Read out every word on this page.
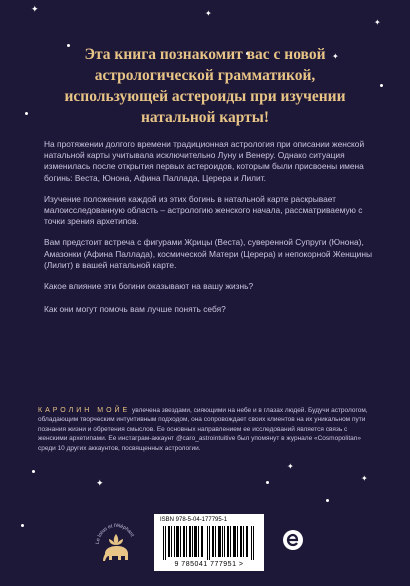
✦	✦
✦
✦
✦
✦
✦
Эта книга познакомит вас с новой
астрологической грамматикой,
использующей астероиды при изучении
натальной карты!

На протяжении долгого времени традиционная астрология при описании женской натальной карты учитывала исключительно Луну и Венеру. Однако ситуация изменилась после открытия первых астероидов, которым были присвоены имена богинь: Веста, Юнона, Афина Паллада, Церера и Лилит.

Изучение положения каждой из этих богинь в натальной карте раскрывает малоисследованную область – астрологию женского начала, рассматриваемую с точки зрения архетипов.

Вам предстоит встреча с фигурами Жрицы (Веста), суверенной Супруги (Юнона), Амазонки (Афина Паллада), космической Матери (Церера) и непокорной Женщины (Лилит) в вашей натальной карте.

Какое влияние эти богини оказывают на вашу жизнь?

Как они могут помочь вам лучше понять себя?

КАРОЛИН МОЙЕ увлечена звездами, сияющими на небе и в глазах людей. Будучи астрологом, обладающим творческим интуитивным подходом, она сопровождает своих клиентов на их уникальном пути познания жизни и обретения смыслов. Ее основных направлением ее исследований является связь с женскими архетипами. Ее инстаграм-аккаунт @caro_astrointuitive был упомянут в журнале «Cosmopolitan» среди 10 других аккаунтов, посвященных астрологии.
Le lotus et l'éléphant
ISBN 978-5-04-177795-1
9 785041 777951 >
